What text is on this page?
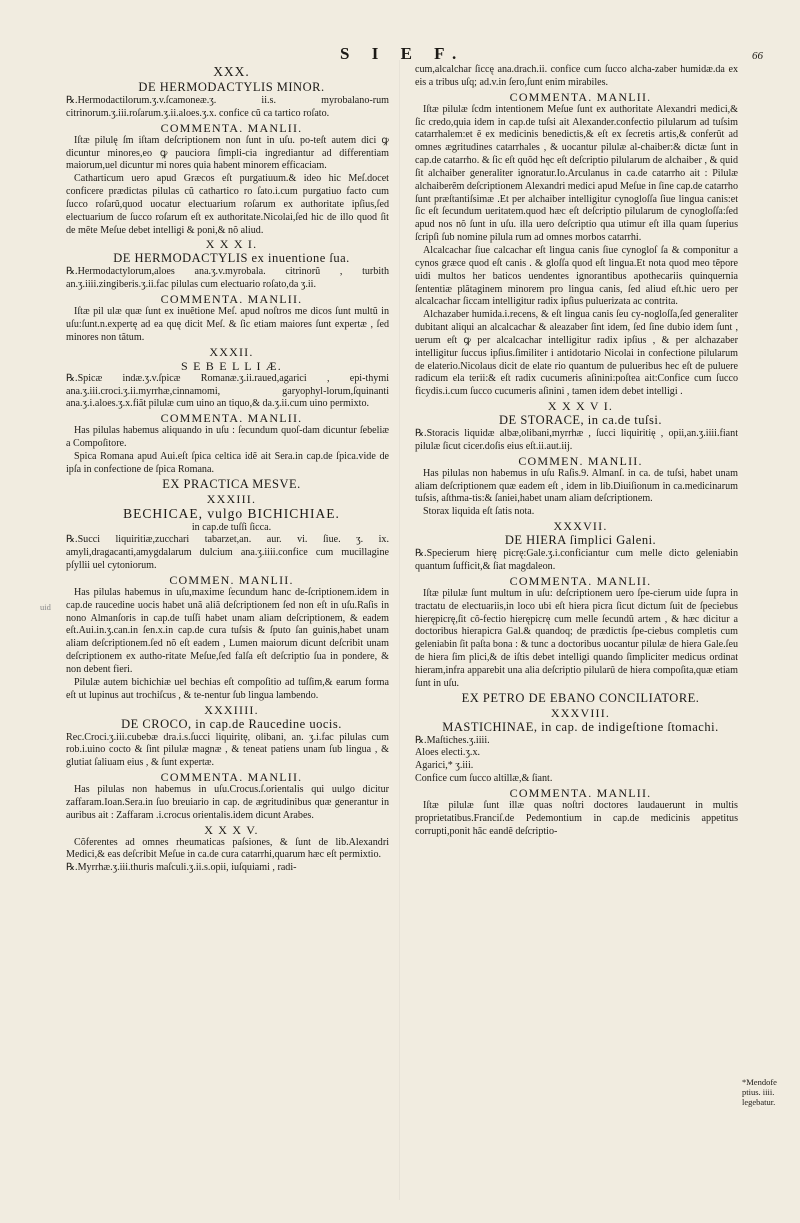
S I E F.	66
uid
*Mendofe
ptius. iiii.
legebatur.

XXX.

DE HERMODACTYLIS MINOR.

℞.Hermodactilorum.ʒ.v.ſcamoneæ.ʒ. ii.s. myrobalano-rum citrinorum.ʒ.iii.roſarum.ʒ.ii.aloes.ʒ.x. confice cũ ca tartico roſato.

COMMENTA. MANLII.

Iſtæ pilulę ſm iſtam deſcriptionem non ſunt in uſu. po-teſt autem dici ꝙ dicuntur minores,eo ꝙ pauciora ſimpli-cia ingrediantur ad differentiam maiorum,uel dicuntur mi nores quia habent minorem efficaciam.

Catharticum uero apud Græcos eſt purgatiuum.& ideo hic Meſ.docet conficere prædictas pilulas cũ cathartico ro ſato.i.cum purgatiuo facto cum ſucco roſarũ,quod uocatur electuarium roſarum ex authoritate ipſius,ſed electuarium de ſucco roſarum eſt ex authoritate.Nicolai,ſed hic de illo quod ſit de mẽte Meſue debet intelligi & poni,& nõ aliud.

X X X I.

DE HERMODACTYLIS ex inuentione ſua.

℞.Hermodactylorum,aloes ana.ʒ.v.myrobala. citrinorũ , turbith an.ʒ.iiii.zingiberis.ʒ.ii.fac pilulas cum electuario roſato,da ʒ.ii.

COMMENTA. MANLII.

Iſtæ pil ulæ quæ ſunt ex inuẽtione Meſ. apud noſtros me dicos ſunt multũ in uſu:ſunt.n.expertę ad ea quę dicit Meſ. & ſic etiam maiores ſunt expertæ , ſed minores non tãtum.

XXXII.

S E B E L L I Æ.

℞.Spicæ indæ.ʒ.v.ſpicæ Romanæ.ʒ.ii.raued,agarici , epi-thymi ana.ʒ.iii.croci.ʒ.ii.myrrhæ,cinnamomi, garyophyl-lorum,ſquinanti ana.ʒ.i.aloes.ʒ.x.fiãt pilulæ cum uino an tiquo,& da.ʒ.ii.cum uino permixto.

COMMENTA. MANLII.

Has pilulas habemus aliquando in uſu : ſecundum quoſ-dam dicuntur ſebeliæ a Compoſitore.

Spica Romana apud Aui.eſt ſpica celtica idẽ ait Sera.in cap.de ſpica.vide de ipſa in confectione de ſpica Romana.

EX PRACTICA MESVE.

XXXIII.

BECHICAE, vulgo BICHICHIAE.

in cap.de tuſſi ſicca.

℞.Succi liquiritiæ,zucchari tabarzet,an. aur. vi. ſiue. ʒ. ix. amyli,dragacanti,amygdalarum dulcium ana.ʒ.iiii.confice cum mucillagine pſyllii uel cytoniorum.

COMMEN. MANLII.

Has pilulas habemus in uſu,maxime ſecundum hanc de-ſcriptionem.idem in cap.de raucedine uocis habet unã aliã deſcriptionem ſed non eſt in uſu.Raſis in nono Almanſoris in cap.de tuſſi habet unam aliam deſcriptionem, & eadem eſt.Aui.in.ʒ.can.in ſen.x.in cap.de cura tuſsis & ſputo ſan guinis,habet unam aliam deſcriptionem.ſed nõ eſt eadem , Lumen maiorum dicunt deſcribit unam deſcriptionem ex autho-ritate Meſue,ſed falſa eſt deſcriptio ſua in pondere, & non debent fieri.

Pilulæ autem bichichiæ uel bechias eſt compoſitio ad tuſſim,& earum forma eſt ut lupinus aut trochiſcus , & te-nentur ſub lingua lambendo.

XXXIIII.

DE CROCO, in cap.de Raucedine uocis.

Rec.Croci.ʒ.iii.cubebæ dra.i.s.ſucci liquiritę, olibani, an. ʒ.i.fac pilulas cum rob.i.uino cocto & ſint pilulæ magnæ , & teneat patiens unam ſub lingua , & glutiat ſaliuam eius , & ſunt expertæ.

COMMENTA. MANLII.

Has pilulas non habemus in uſu.Crocus.ſ.orientalis qui uulgo dicitur zaffaram.Ioan.Sera.in ſuo breuiario in cap. de ægritudinibus quæ generantur in auribus ait : Zaffaram .i.crocus orientalis.idem dicunt Arabes.

X X X V.

Cõferentes ad omnes rheumaticas paſsiones, & ſunt de lib.Alexandri Medici,& eas deſcribit Meſue in ca.de cura catarrhi,quarum hæc eſt permixtio.

℞.Myrrhæ.ʒ.iii.thuris maſculi.ʒ.ii.s.opii, iuſquiami , radi-

cum,alcalchar ſiccę ana.drach.ii. confice cum ſucco alcha-zaber humidæ.da ex eis a tribus uſq; ad.v.in ſero,ſunt enim mirabiles.

COMMENTA. MANLII.

Iſtæ pilulæ ſcdm intentionem Meſue ſunt ex authoritate Alexandri medici,& ſic credo,quia idem in cap.de tuſsi ait Alexander.confectio pilularum ad tuſsim catarrhalem:et ẽ ex medicinis benedictis,& eſt ex ſecretis artis,& conferũt ad omnes ægritudines catarrhales , & uocantur pilulæ al-chaiber:& dictæ ſunt in cap.de catarrho. & ſic eſt quõd hęc eſt deſcriptio pilularum de alchaiber , & quid ſit alchaiber generaliter ignoratur.Io.Arculanus in ca.de catarrho ait : Pilulæ alchaiberẽm deſcriptionem Alexandri medici apud Meſue in ſine cap.de catarrho ſunt præſtantiſsimæ .Et per alchaiber intelligitur cynogloſſa ſiue lingua canis:et ſic eſt ſecundum ueritatem.quod hæc eſt deſcriptio pilularum de cynogloſſa:ſed apud nos nõ ſunt in uſu. illa uero deſcriptio qua utimur eſt illa quam ſuperius ſcripſi ſub nomine pilula rum ad omnes morbos catarrhi.

Alcalcachar ſiue calcachar eſt lingua canis ſiue cynogloſ ſa & componitur a cynos græce quod eſt canis . & gloſſa quod eſt lingua.Et nota quod meo tẽpore uidi multos her baticos uendentes ignorantibus apothecariis quinquernia ſententiæ plãtaginem minorem pro lingua canis, ſed aliud eſt.hic uero per alcalcachar ſiccam intelligitur radix ipſius puluerizata ac contrita.

Alchazaber humida.i.recens, & eſt lingua canis ſeu cy-nogloſſa,ſed generaliter dubitant aliqui an alcalcachar & aleazaber ſint idem, ſed ſine dubio idem ſunt , uerum eſt ꝙ per alcalcachar intelligitur radix ipſius , & per alchazaber intelligitur ſuccus ipſius.ſimiliter i antidotario Nicolai in confectione pilularum de elaterio.Nicolaus dicit de elate rio quantum de pulueribus hec eſt de puluere radicum ela terii:& eſt radix cucumeris aſinini:poſtea ait:Confice cum ſucco ficydis.i.cum ſucco cucumeris aſinini , tamen idem debet intelligi .

X X X V I.

DE STORACE, in ca.de tuſsi.

℞.Storacis liquidæ albæ,olibani,myrrhæ , ſucci liquiritię , opii,an.ʒ.iiii.fiant pilulæ ſicut cicer.doſis eius eſt.ii.aut.iij.

COMMEN. MANLII.

Has pilulas non habemus in uſu Raſis.9. Almanſ. in ca. de tuſsi, habet unam aliam deſcriptionem quæ eadem eſt , idem in lib.Diuiſionum in ca.medicinarum tuſsis, aſthma-tis:& ſaniei,habet unam aliam deſcriptionem.

Storax liquida eſt ſatis nota.

XXXVII.

DE HIERA ſimplici Galeni.

℞.Specierum hierę picrę:Gale.ʒ.i.conficiantur cum melle dicto geleniabin quantum ſufficit,& ſiat magdaleon.

COMMENTA. MANLII.

Iſtæ pilulæ ſunt multum in uſu: deſcriptionem uero ſpe-cierum uide ſupra in tractatu de electuariis,in loco ubi eſt hiera picra ſicut dictum ſuit de ſpeciebus hierępicrę,ſit cõ-fectio hierępicrę cum melle ſecundũ artem , & hæc dicitur a doctoribus hierapicra Gal.& quandoq; de prædictis ſpe-ciebus completis cum geleniabin ſit paſta bona : & tunc a doctoribus uocantur pilulæ de hiera Gale.ſeu de hiera ſim plici,& de iſtis debet intelligi quando ſimpliciter medicus ordinat hieram,infra apparebit una alia deſcriptio pilularũ de hiera compoſita,quæ etiam ſunt in uſu.

EX PETRO DE EBANO CONCILIATORE.

XXXVIII.

MASTICHINAE, in cap. de indigeſtione ſtomachi.

℞.Maſtiches.ʒ.iiii.

Aloes electi.ʒ.x.

Agarici,* ʒ.iii.

Confice cum ſucco altillæ,& ſiant.

COMMENTA. MANLII.

Iſtæ pilulæ ſunt illæ quas noſtri doctores laudauerunt in multis proprietatibus.Franciſ.de Pedemontium in cap.de medicinis appetitus corrupti,ponit hãc eandẽ deſcriptio-
